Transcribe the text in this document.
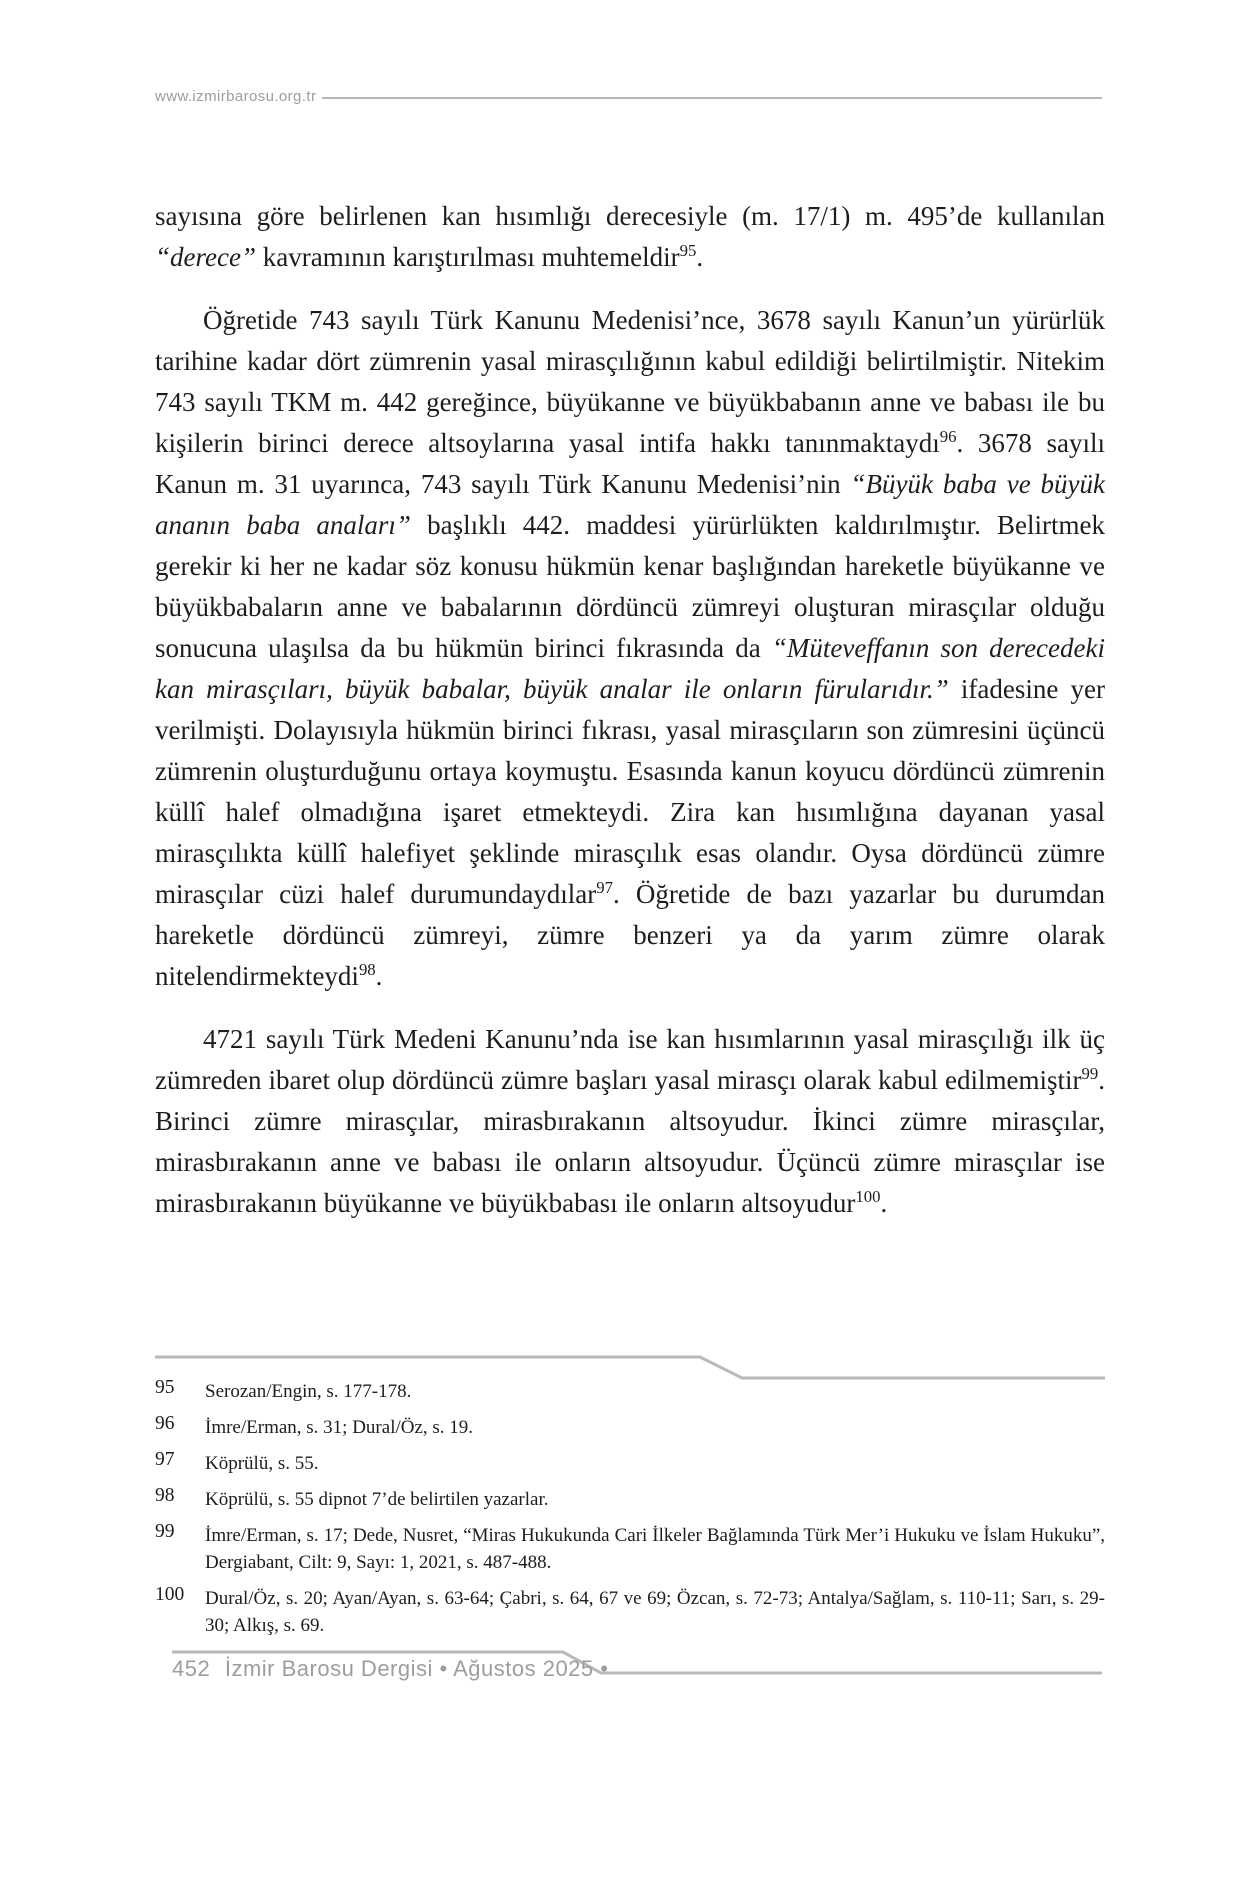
www.izmirbarosu.org.tr

sayısına göre belirlenen kan hısımlığı derecesiyle (m. 17/1) m. 495’de kullanılan “derece” kavramının karıştırılması muhtemeldir$^{95}$.

Öğretide 743 sayılı Türk Kanunu Medenisi’nce, 3678 sayılı Kanun’un yürürlük tarihine kadar dört zümrenin yasal mirasçılığının kabul edildiği belirtilmiştir. Nitekim 743 sayılı TKM m. 442 gereğince, büyükanne ve büyükbabanın anne ve babası ile bu kişilerin birinci derece altsoylarına yasal intifa hakkı tanınmaktaydı$^{96}$. 3678 sayılı Kanun m. 31 uyarınca, 743 sayılı Türk Kanunu Medenisi’nin “Büyük baba ve büyük ananın baba anaları” başlıklı 442. maddesi yürürlükten kaldırılmıştır. Belirtmek gerekir ki her ne kadar söz konusu hükmün kenar başlığından hareketle büyükanne ve büyükbabaların anne ve babalarının dördüncü zümreyi oluşturan mirasçılar olduğu sonucuna ulaşılsa da bu hükmün birinci fıkrasında da “Müteveffanın son derecedeki kan mirasçıları, büyük babalar, büyük analar ile onların fürularıdır.” ifadesine yer verilmişti. Dolayısıyla hükmün birinci fıkrası, yasal mirasçıların son zümresini üçüncü zümrenin oluşturduğunu ortaya koymuştu. Esasında kanun koyucu dördüncü zümrenin küllî halef olmadığına işaret etmekteydi. Zira kan hısımlığına dayanan yasal mirasçılıkta küllî halefiyet şeklinde mirasçılık esas olandır. Oysa dördüncü zümre mirasçılar cüzi halef durumundaydılar$^{97}$. Öğretide de bazı yazarlar bu durumdan hareketle dördüncü zümreyi, zümre benzeri ya da yarım zümre olarak nitelendirmekteydi$^{98}$.

4721 sayılı Türk Medeni Kanunu’nda ise kan hısımlarının yasal mirasçılığı ilk üç zümreden ibaret olup dördüncü zümre başları yasal mirasçı olarak kabul edilmemiştir$^{99}$. Birinci zümre mirasçılar, mirasbırakanın altsoyudur. İkinci zümre mirasçılar, mirasbırakanın anne ve babası ile onların altsoyudur. Üçüncü zümre mirasçılar ise mirasbırakanın büyükanne ve büyükbabası ile onların altsoyudur$^{100}$.

95 Serozan/Engin, s. 177-178.
96 İmre/Erman, s. 31; Dural/Öz, s. 19.
97 Köprülü, s. 55.
98 Köprülü, s. 55 dipnot 7’de belirtilen yazarlar.
99 İmre/Erman, s. 17; Dede, Nusret, “Miras Hukukunda Cari İlkeler Bağlamında Türk Mer’i Hukuku ve İslam Hukuku”, Dergiabant, Cilt: 9, Sayı: 1, 2021, s. 487-488.
100 Dural/Öz, s. 20; Ayan/Ayan, s. 63-64; Çabri, s. 64, 67 ve 69; Özcan, s. 72-73; Antalya/Sağlam, s. 110-11; Sarı, s. 29-30; Alkış, s. 69.
452 İzmir Barosu Dergisi • Ağustos 2025 •
